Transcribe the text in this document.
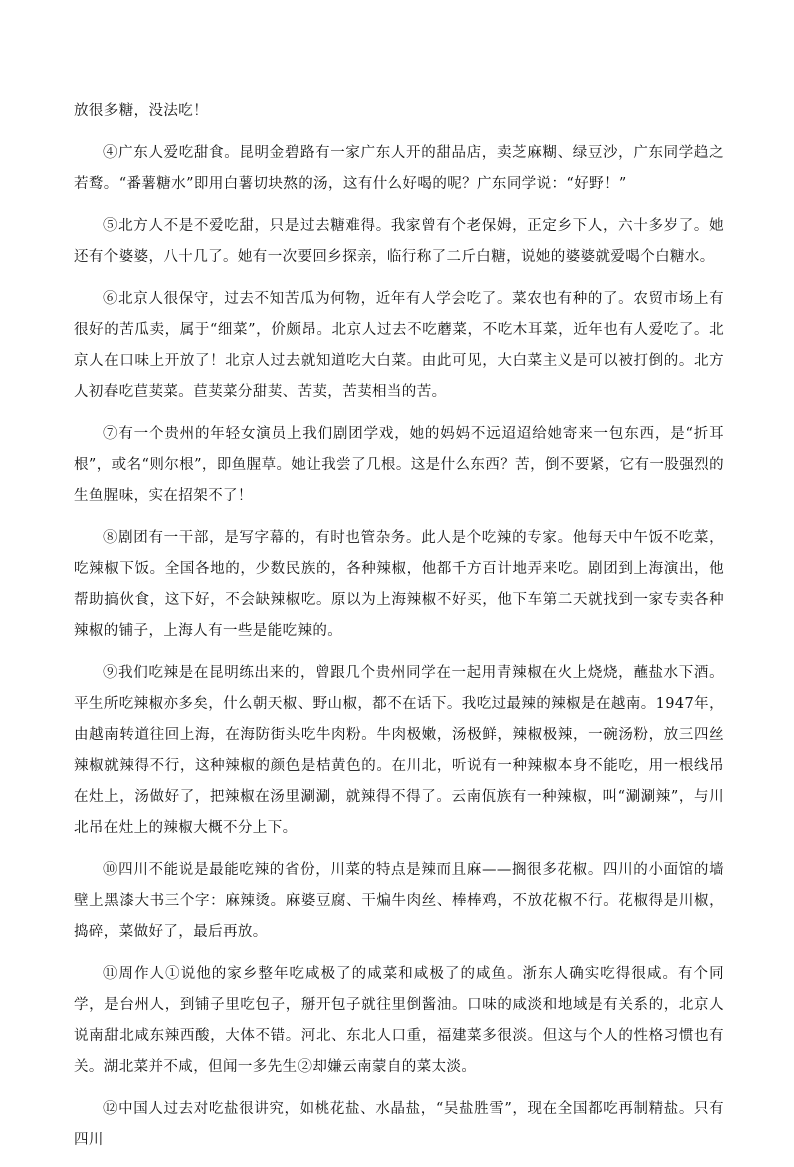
放很多糖，没法吃！

④广东人爱吃甜食。昆明金碧路有一家广东人开的甜品店，卖芝麻糊、绿豆沙，广东同学趋之若鹜。“番薯糖水”即用白薯切块熬的汤，这有什么好喝的呢？广东同学说：“好野！”

⑤北方人不是不爱吃甜，只是过去糖难得。我家曾有个老保姆，正定乡下人，六十多岁了。她还有个婆婆，八十几了。她有一次要回乡探亲，临行称了二斤白糖，说她的婆婆就爱喝个白糖水。

⑥北京人很保守，过去不知苦瓜为何物，近年有人学会吃了。菜农也有种的了。农贸市场上有很好的苦瓜卖，属于“细菜”，价颇昂。北京人过去不吃蘑菜，不吃木耳菜，近年也有人爱吃了。北京人在口味上开放了！北京人过去就知道吃大白菜。由此可见，大白菜主义是可以被打倒的。北方人初春吃苣荬菜。苣荬菜分甜荬、苦荬，苦荬相当的苦。

⑦有一个贵州的年轻女演员上我们剧团学戏，她的妈妈不远迢迢给她寄来一包东西，是“折耳根”，或名“则尔根”，即鱼腥草。她让我尝了几根。这是什么东西？苦，倒不要紧，它有一股强烈的生鱼腥味，实在招架不了！

⑧剧团有一干部，是写字幕的，有时也管杂务。此人是个吃辣的专家。他每天中午饭不吃菜，吃辣椒下饭。全国各地的，少数民族的，各种辣椒，他都千方百计地弄来吃。剧团到上海演出，他帮助搞伙食，这下好，不会缺辣椒吃。原以为上海辣椒不好买，他下车第二天就找到一家专卖各种辣椒的铺子，上海人有一些是能吃辣的。

⑨我们吃辣是在昆明练出来的，曾跟几个贵州同学在一起用青辣椒在火上烧烧，蘸盐水下酒。平生所吃辣椒亦多矣，什么朝天椒、野山椒，都不在话下。我吃过最辣的辣椒是在越南。1947年，由越南转道往回上海，在海防街头吃牛肉粉。牛肉极嫩，汤极鲜，辣椒极辣，一碗汤粉，放三四丝辣椒就辣得不行，这种辣椒的颜色是桔黄色的。在川北，听说有一种辣椒本身不能吃，用一根线吊在灶上，汤做好了，把辣椒在汤里涮涮，就辣得不得了。云南佤族有一种辣椒，叫“涮涮辣”，与川北吊在灶上的辣椒大概不分上下。

⑩四川不能说是最能吃辣的省份，川菜的特点是辣而且麻——搁很多花椒。四川的小面馆的墙壁上黑漆大书三个字：麻辣烫。麻婆豆腐、干煸牛肉丝、棒棒鸡，不放花椒不行。花椒得是川椒，捣碎，菜做好了，最后再放。

⑪周作人①说他的家乡整年吃咸极了的咸菜和咸极了的咸鱼。浙东人确实吃得很咸。有个同学，是台州人，到铺子里吃包子，掰开包子就往里倒酱油。口味的咸淡和地域是有关系的，北京人说南甜北咸东辣西酸，大体不错。河北、东北人口重，福建菜多很淡。但这与个人的性格习惯也有关。湖北菜并不咸，但闻一多先生②却嫌云南蒙自的菜太淡。

⑫中国人过去对吃盐很讲究，如桃花盐、水晶盐，“吴盐胜雪”，现在全国都吃再制精盐。只有四川
